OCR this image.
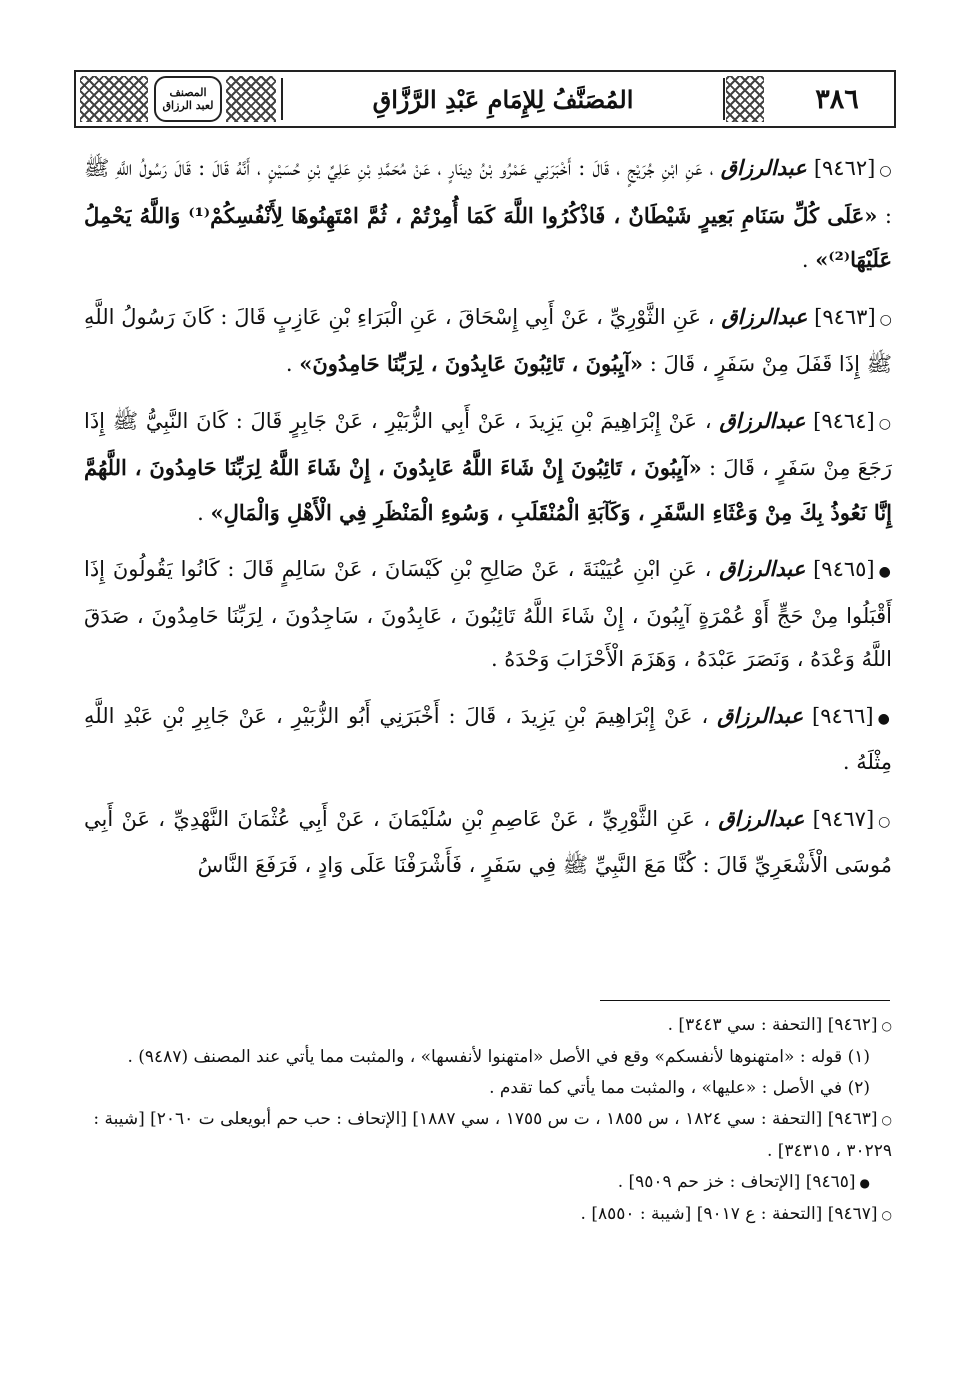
المصنف
لعبد الرزاق	المُصَنَّفُ لِلإِمَامِ عَبْدِ الرَّزَّاقِ	٣٨٦

○[٩٤٦٢] عبدالرزاق ، عَنِ ابْنِ جُرَيْجٍ ، قَالَ : أَخْبَرَنِي عَمْرُو بْنُ دِينَارٍ ، عَنْ مُحَمَّدِ بْنِ عَلِيِّ بْنِ حُسَيْنٍ ، أَنَّهُ قَالَ : قَالَ رَسُولُ اللَّهِ ﷺ : «عَلَى كُلِّ سَنَامِ بَعِيرٍ شَيْطَانٌ ، فَاذْكُرُوا اللَّهَ كَمَا أُمِرْتُمْ ، ثُمَّ امْتَهِنُوهَا لِأَنْفُسِكُمْ⁽¹⁾ وَاللَّهُ يَحْمِلُ عَلَيْهَا⁽²⁾» .

○[٩٤٦٣] عبدالرزاق ، عَنِ الثَّوْرِيِّ ، عَنْ أَبِي إِسْحَاقَ ، عَنِ الْبَرَاءِ بْنِ عَازِبٍ قَالَ : كَانَ رَسُولُ اللَّهِ ﷺ إِذَا قَفَلَ مِنْ سَفَرٍ ، قَالَ : «آيِبُونَ ، تَائِبُونَ عَابِدُونَ ، لِرَبِّنَا حَامِدُونَ» .

○[٩٤٦٤] عبدالرزاق ، عَنْ إِبْرَاهِيمَ بْنِ يَزِيدَ ، عَنْ أَبِي الزُّبَيْرِ ، عَنْ جَابِرٍ قَالَ : كَانَ النَّبِيُّ ﷺ إِذَا رَجَعَ مِنْ سَفَرٍ ، قَالَ : «آيِبُونَ ، تَائِبُونَ إِنْ شَاءَ اللَّهُ عَابِدُونَ ، إِنْ شَاءَ اللَّهُ لِرَبِّنَا حَامِدُونَ ، اللَّهُمَّ إِنَّا نَعُوذُ بِكَ مِنْ وَعْثَاءِ السَّفَرِ ، وَكَآبَةِ الْمُنْقَلَبِ ، وَسُوءِ الْمَنْظَرِ فِي الْأَهْلِ وَالْمَالِ» .

●[٩٤٦٥] عبدالرزاق ، عَنِ ابْنِ عُيَيْنَةَ ، عَنْ صَالِحِ بْنِ كَيْسَانَ ، عَنْ سَالِمٍ قَالَ : كَانُوا يَقُولُونَ إِذَا أَقْبَلُوا مِنْ حَجٍّ أَوْ عُمْرَةٍ آيِبُونَ ، إِنْ شَاءَ اللَّهُ تَائِبُونَ ، عَابِدُونَ ، سَاجِدُونَ ، لِرَبِّنَا حَامِدُونَ ، صَدَقَ اللَّهُ وَعْدَهُ ، وَنَصَرَ عَبْدَهُ ، وَهَزَمَ الْأَحْزَابَ وَحْدَهُ .

●[٩٤٦٦] عبدالرزاق ، عَنْ إِبْرَاهِيمَ بْنِ يَزِيدَ ، قَالَ : أَخْبَرَنِي أَبُو الزُّبَيْرِ ، عَنْ جَابِرِ بْنِ عَبْدِ اللَّهِ مِثْلَهُ .

○[٩٤٦٧] عبدالرزاق ، عَنِ الثَّوْرِيِّ ، عَنْ عَاصِمِ بْنِ سُلَيْمَانَ ، عَنْ أَبِي عُثْمَانَ النَّهْدِيِّ ، عَنْ أَبِي مُوسَى الْأَشْعَرِيِّ قَالَ : كُنَّا مَعَ النَّبِيِّ ﷺ فِي سَفَرٍ ، فَأَشْرَفْنَا عَلَى وَادٍ ، فَرَفَعَ النَّاسُ

○[٩٤٦٢] [التحفة : سي ٣٤٤٣] .

(١) قوله : «امتهنوها لأنفسكم» وقع في الأصل «امتهنوا لأنفسها» ، والمثبت مما يأتي عند المصنف (٩٤٨٧) .

(٢) في الأصل : «عليها» ، والمثبت مما يأتي كما تقدم .

○[٩٤٦٣] [التحفة : سي ١٨٢٤ ، س ١٨٥٥ ، ت س ١٧٥٥ ، سي ١٨٨٧] [الإتحاف : حب حم أبويعلى ت ٢٠٦٠] [شيبة : ٣٠٢٢٩ ، ٣٤٣١٥] .

●[٩٤٦٥] [الإتحاف : خز حم ٩٥٠٩] .

○[٩٤٦٧] [التحفة : ع ٩٠١٧] [شيبة : ٨٥٥٠] .
